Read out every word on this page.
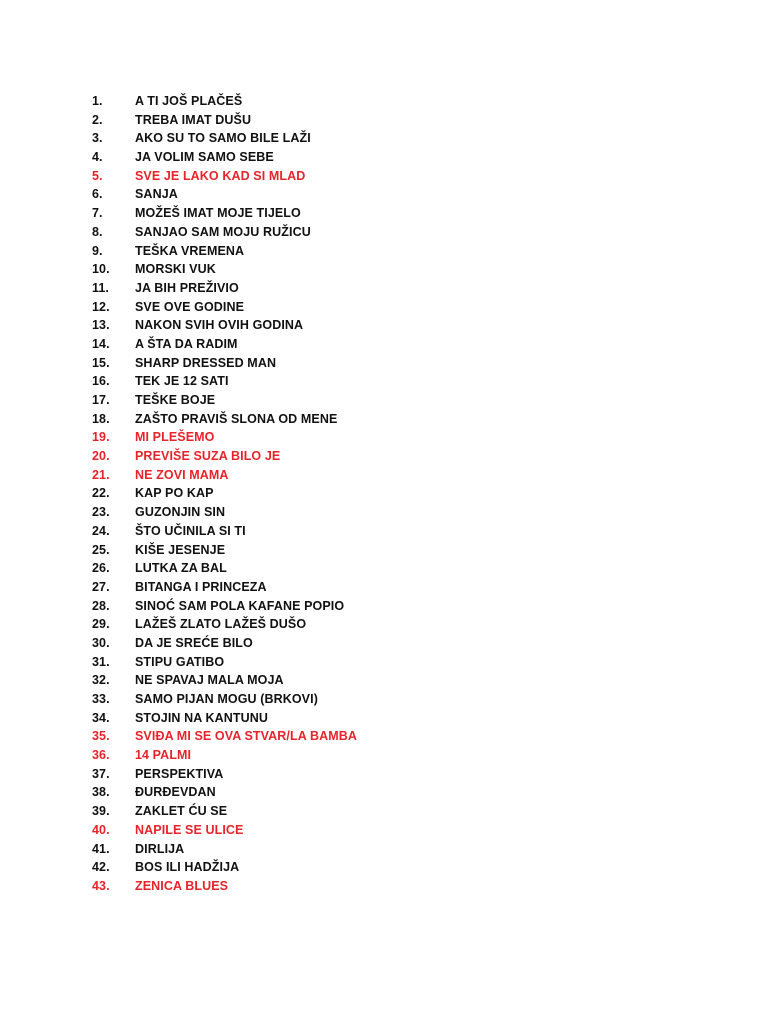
1.	A TI JOŠ PLAČEŠ
2.	TREBA IMAT DUŠU
3.	AKO SU TO SAMO BILE LAŽI
4.	JA VOLIM SAMO SEBE
5.	SVE JE LAKO KAD SI MLAD
6.	SANJA
7.	MOŽEŠ IMAT MOJE TIJELO
8.	SANJAO SAM MOJU RUŽICU
9.	TEŠKA VREMENA
10. MORSKI VUK
11. JA BIH PREŽIVIO
12. SVE OVE GODINE
13. NAKON SVIH OVIH GODINA
14. A ŠTA DA RADIM
15. SHARP DRESSED MAN
16. TEK JE 12 SATI
17. TEŠKE BOJE
18. ZAŠTO PRAVIŠ SLONA OD MENE
19. MI PLEŠEMO
20. PREVIŠE SUZA BILO JE
21. NE ZOVI MAMA
22. KAP PO KAP
23. GUZONJIN SIN
24. ŠTO UČINILA SI TI
25. KIŠE JESENJE
26. LUTKA ZA BAL
27. BITANGA I PRINCEZA
28. SINOĆ SAM POLA KAFANE POPIO
29. LAŽEŠ ZLATO LAŽEŠ DUŠO
30. DA JE SREĆE BILO
31. STIPU GATIBO
32. NE SPAVAJ MALA MOJA
33. SAMO PIJAN MOGU (BRKOVI)
34. STOJIN NA KANTUNU
35. SVIĐA MI SE OVA STVAR/LA BAMBA
36. 14 PALMI
37. PERSPEKTIVA
38. ĐURĐEVDAN
39. ZAKLET ĆU SE
40. NAPILE SE ULICE
41. DIRLIJA
42. BOS ILI HADŽIJA
43. ZENICA BLUES
